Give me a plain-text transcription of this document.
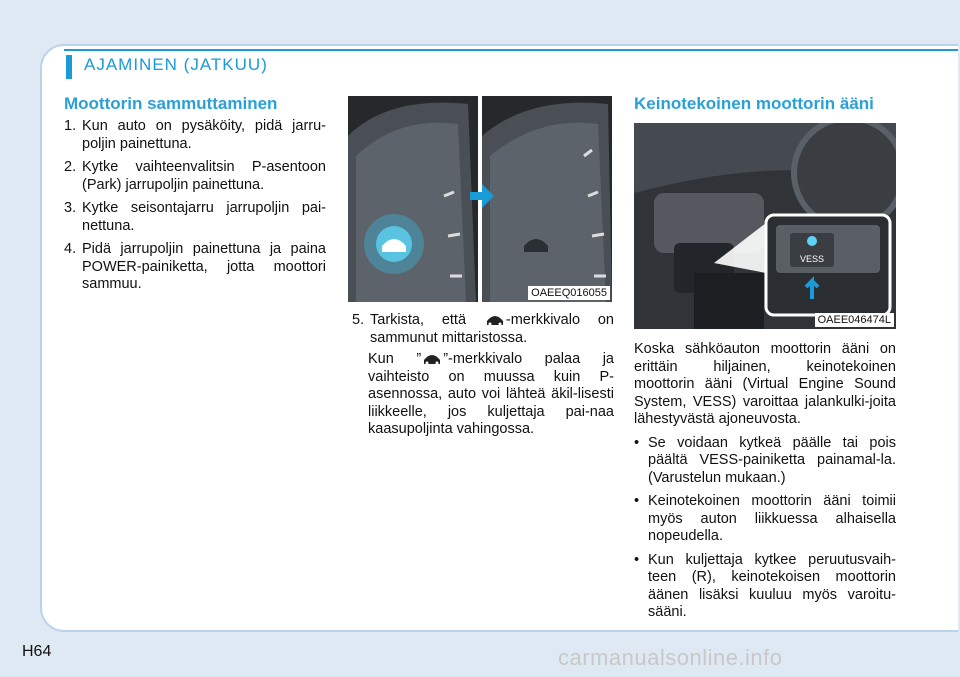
AJAMINEN (JATKUU)
Moottorin sammuttaminen
1. Kun auto on pysäköity, pidä jarru-poljin painettuna.
2. Kytke vaihteenvalitsin P-asentoon (Park) jarrupoljin painettuna.
3. Kytke seisontajarru jarrupoljin pai-nettuna.
4. Pidä jarrupoljin painettuna ja paina POWER-painiketta, jotta moottori sammuu.
OAEEQ016055

5. Tarkista, että	-merkkivalo on sammunut mittaristossa.

Kun ” ”-merkkivalo palaa ja vaihteisto on muussa kuin P-asennossa, auto voi lähteä äkil-lisesti liikkeelle, jos kuljettaja pai-naa kaasupoljinta vahingossa.

Keinotekoinen moottorin ääni
VESS
OAEE046474L

Koska sähköauton moottorin ääni on erittäin hiljainen, keinotekoinen moottorin ääni (Virtual Engine Sound System, VESS) varoittaa jalankulki-joita lähestyvästä ajoneuvosta.

• Se voidaan kytkeä päälle tai pois päältä VESS-painiketta painamal-la. (Varustelun mukaan.)
• Keinotekoinen moottorin ääni toimii myös auton liikkuessa alhaisella nopeudella.
• Kun kuljettaja kytkee peruutusvaih-teen (R), keinotekoisen moottorin äänen lisäksi kuuluu myös varoitu-sääni.
H64	carmanualsonline.info
